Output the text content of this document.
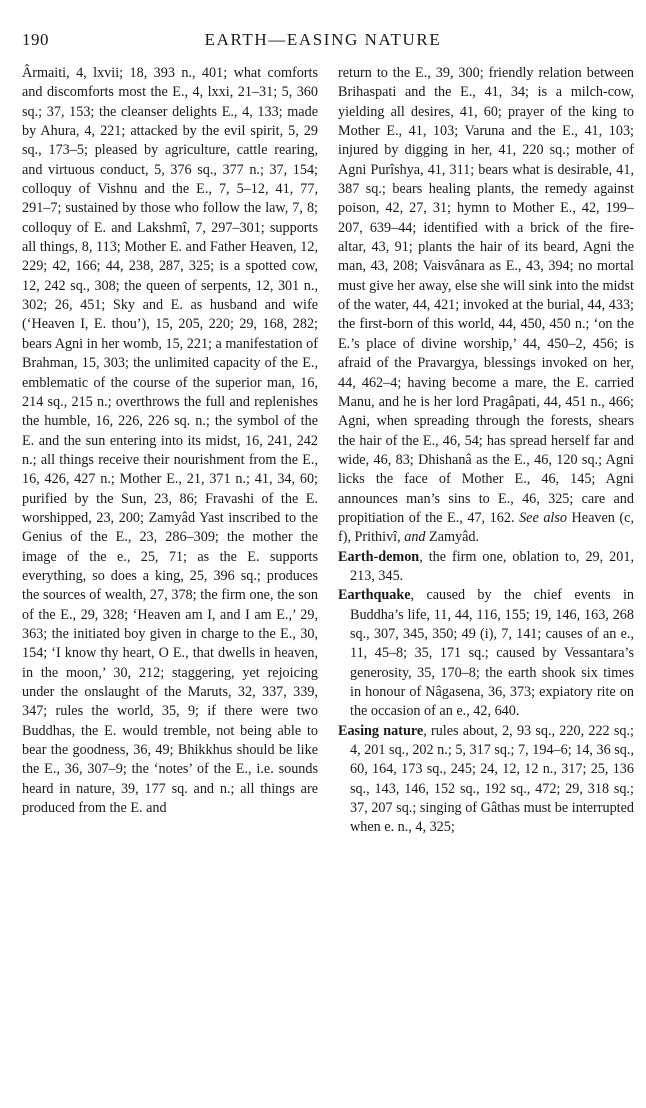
190	EARTH—EASING NATURE

Ârmaiti, 4, lxvii; 18, 393 n., 401; what comforts and discomforts most the E., 4, lxxi, 21–31; 5, 360 sq.; 37, 153; the cleanser delights E., 4, 133; made by Ahura, 4, 221; attacked by the evil spirit, 5, 29 sq., 173–5; pleased by agriculture, cattle rearing, and virtuous conduct, 5, 376 sq., 377 n.; 37, 154; colloquy of Vishnu and the E., 7, 5–12, 41, 77, 291–7; sustained by those who follow the law, 7, 8; colloquy of E. and Lakshmî, 7, 297–301; supports all things, 8, 113; Mother E. and Father Heaven, 12, 229; 42, 166; 44, 238, 287, 325; is a spotted cow, 12, 242 sq., 308; the queen of serpents, 12, 301 n., 302; 26, 451; Sky and E. as husband and wife (‘Heaven I, E. thou’), 15, 205, 220; 29, 168, 282; bears Agni in her womb, 15, 221; a manifestation of Brahman, 15, 303; the unlimited capacity of the E., emblematic of the course of the superior man, 16, 214 sq., 215 n.; overthrows the full and replenishes the humble, 16, 226, 226 sq. n.; the symbol of the E. and the sun entering into its midst, 16, 241, 242 n.; all things receive their nourishment from the E., 16, 426, 427 n.; Mother E., 21, 371 n.; 41, 34, 60; purified by the Sun, 23, 86; Fravashi of the E. worshipped, 23, 200; Zamyâd Yast inscribed to the Genius of the E., 23, 286–309; the mother the image of the e., 25, 71; as the E. supports everything, so does a king, 25, 396 sq.; produces the sources of wealth, 27, 378; the firm one, the son of the E., 29, 328; ‘Heaven am I, and I am E.,’ 29, 363; the initiated boy given in charge to the E., 30, 154; ‘I know thy heart, O E., that dwells in heaven, in the moon,’ 30, 212; staggering, yet rejoicing under the onslaught of the Maruts, 32, 337, 339, 347; rules the world, 35, 9; if there were two Buddhas, the E. would tremble, not being able to bear the goodness, 36, 49; Bhikkhus should be like the E., 36, 307–9; the ‘notes’ of the E., i.e. sounds heard in nature, 39, 177 sq. and n.; all things are produced from the E. and

return to the E., 39, 300; friendly relation between Brihaspati and the E., 41, 34; is a milch-cow, yielding all desires, 41, 60; prayer of the king to Mother E., 41, 103; Varuna and the E., 41, 103; injured by digging in her, 41, 220 sq.; mother of Agni Purîshya, 41, 311; bears what is desirable, 41, 387 sq.; bears healing plants, the remedy against poison, 42, 27, 31; hymn to Mother E., 42, 199–207, 639–44; identified with a brick of the fire-altar, 43, 91; plants the hair of its beard, Agni the man, 43, 208; Vaisvânara as E., 43, 394; no mortal must give her away, else she will sink into the midst of the water, 44, 421; invoked at the burial, 44, 433; the first-born of this world, 44, 450, 450 n.; ‘on the E.’s place of divine worship,’ 44, 450–2, 456; is afraid of the Pravargya, blessings invoked on her, 44, 462–4; having become a mare, the E. carried Manu, and he is her lord Pragâpati, 44, 451 n., 466; Agni, when spreading through the forests, shears the hair of the E., 46, 54; has spread herself far and wide, 46, 83; Dhishanâ as the E., 46, 120 sq.; Agni licks the face of Mother E., 46, 145; Agni announces man’s sins to E., 46, 325; care and propitiation of the E., 47, 162. See also Heaven (c, f), Prithivî, and Zamyâd.

Earth-demon, the firm one, oblation to, 29, 201, 213, 345.

Earthquake, caused by the chief events in Buddha’s life, 11, 44, 116, 155; 19, 146, 163, 268 sq., 307, 345, 350; 49 (i), 7, 141; causes of an e., 11, 45–8; 35, 171 sq.; caused by Vessantara’s generosity, 35, 170–8; the earth shook six times in honour of Nâgasena, 36, 373; expiatory rite on the occasion of an e., 42, 640.

Easing nature, rules about, 2, 93 sq., 220, 222 sq.; 4, 201 sq., 202 n.; 5, 317 sq.; 7, 194–6; 14, 36 sq., 60, 164, 173 sq., 245; 24, 12, 12 n., 317; 25, 136 sq., 143, 146, 152 sq., 192 sq., 472; 29, 318 sq.; 37, 207 sq.; singing of Gâthas must be interrupted when e. n., 4, 325;
